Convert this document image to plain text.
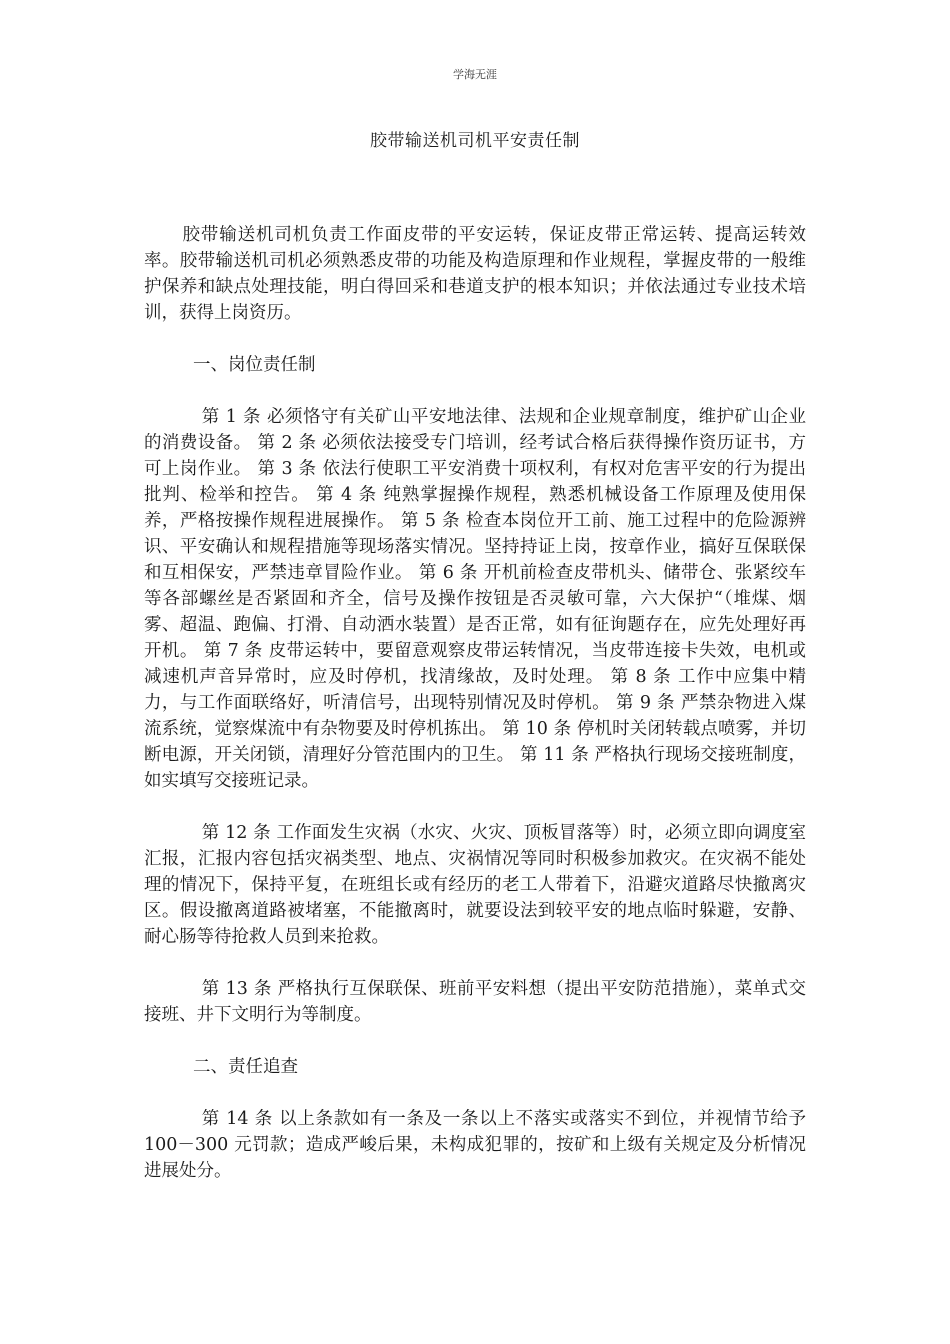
学海无涯
胶带输送机司机平安责任制

胶带输送机司机负责工作面皮带的平安运转，保证皮带正常运转、提高运转效率。胶带输送机司机必须熟悉皮带的功能及构造原理和作业规程，掌握皮带的一般维护保养和缺点处理技能，明白得回采和巷道支护的根本知识；并依法通过专业技术培训，获得上岗资历。

一、岗位责任制

第 1 条 必须恪守有关矿山平安地法律、法规和企业规章制度，维护矿山企业的消费设备。 第 2 条 必须依法接受专门培训，经考试合格后获得操作资历证书，方可上岗作业。 第 3 条 依法行使职工平安消费十项权利，有权对危害平安的行为提出批判、检举和控告。 第 4 条 纯熟掌握操作规程，熟悉机械设备工作原理及使用保养，严格按操作规程进展操作。 第 5 条 检查本岗位开工前、施工过程中的危险源辨识、平安确认和规程措施等现场落实情况。坚持持证上岗，按章作业，搞好互保联保和互相保安，严禁违章冒险作业。 第 6 条 开机前检查皮带机头、储带仓、张紧绞车等各部螺丝是否紧固和齐全，信号及操作按钮是否灵敏可靠，六大保护“（堆煤、烟雾、超温、跑偏、打滑、自动洒水装置）是否正常，如有征询题存在，应先处理好再开机。 第 7 条 皮带运转中，要留意观察皮带运转情况，当皮带连接卡失效，电机或减速机声音异常时，应及时停机，找清缘故，及时处理。 第 8 条 工作中应集中精力，与工作面联络好，听清信号，出现特别情况及时停机。 第 9 条 严禁杂物进入煤流系统，觉察煤流中有杂物要及时停机拣出。 第 10 条 停机时关闭转载点喷雾，并切断电源，开关闭锁，清理好分管范围内的卫生。 第 11 条 严格执行现场交接班制度，如实填写交接班记录。

第 12 条 工作面发生灾祸（水灾、火灾、顶板冒落等）时，必须立即向调度室汇报，汇报内容包括灾祸类型、地点、灾祸情况等同时积极参加救灾。在灾祸不能处理的情况下，保持平复，在班组长或有经历的老工人带着下，沿避灾道路尽快撤离灾区。假设撤离道路被堵塞，不能撤离时，就要设法到较平安的地点临时躲避，安静、耐心肠等待抢救人员到来抢救。

第 13 条 严格执行互保联保、班前平安料想（提出平安防范措施），菜单式交接班、井下文明行为等制度。

二、责任追查

第 14 条 以上条款如有一条及一条以上不落实或落实不到位，并视情节给予 100－300 元罚款；造成严峻后果，未构成犯罪的，按矿和上级有关规定及分析情况进展处分。
